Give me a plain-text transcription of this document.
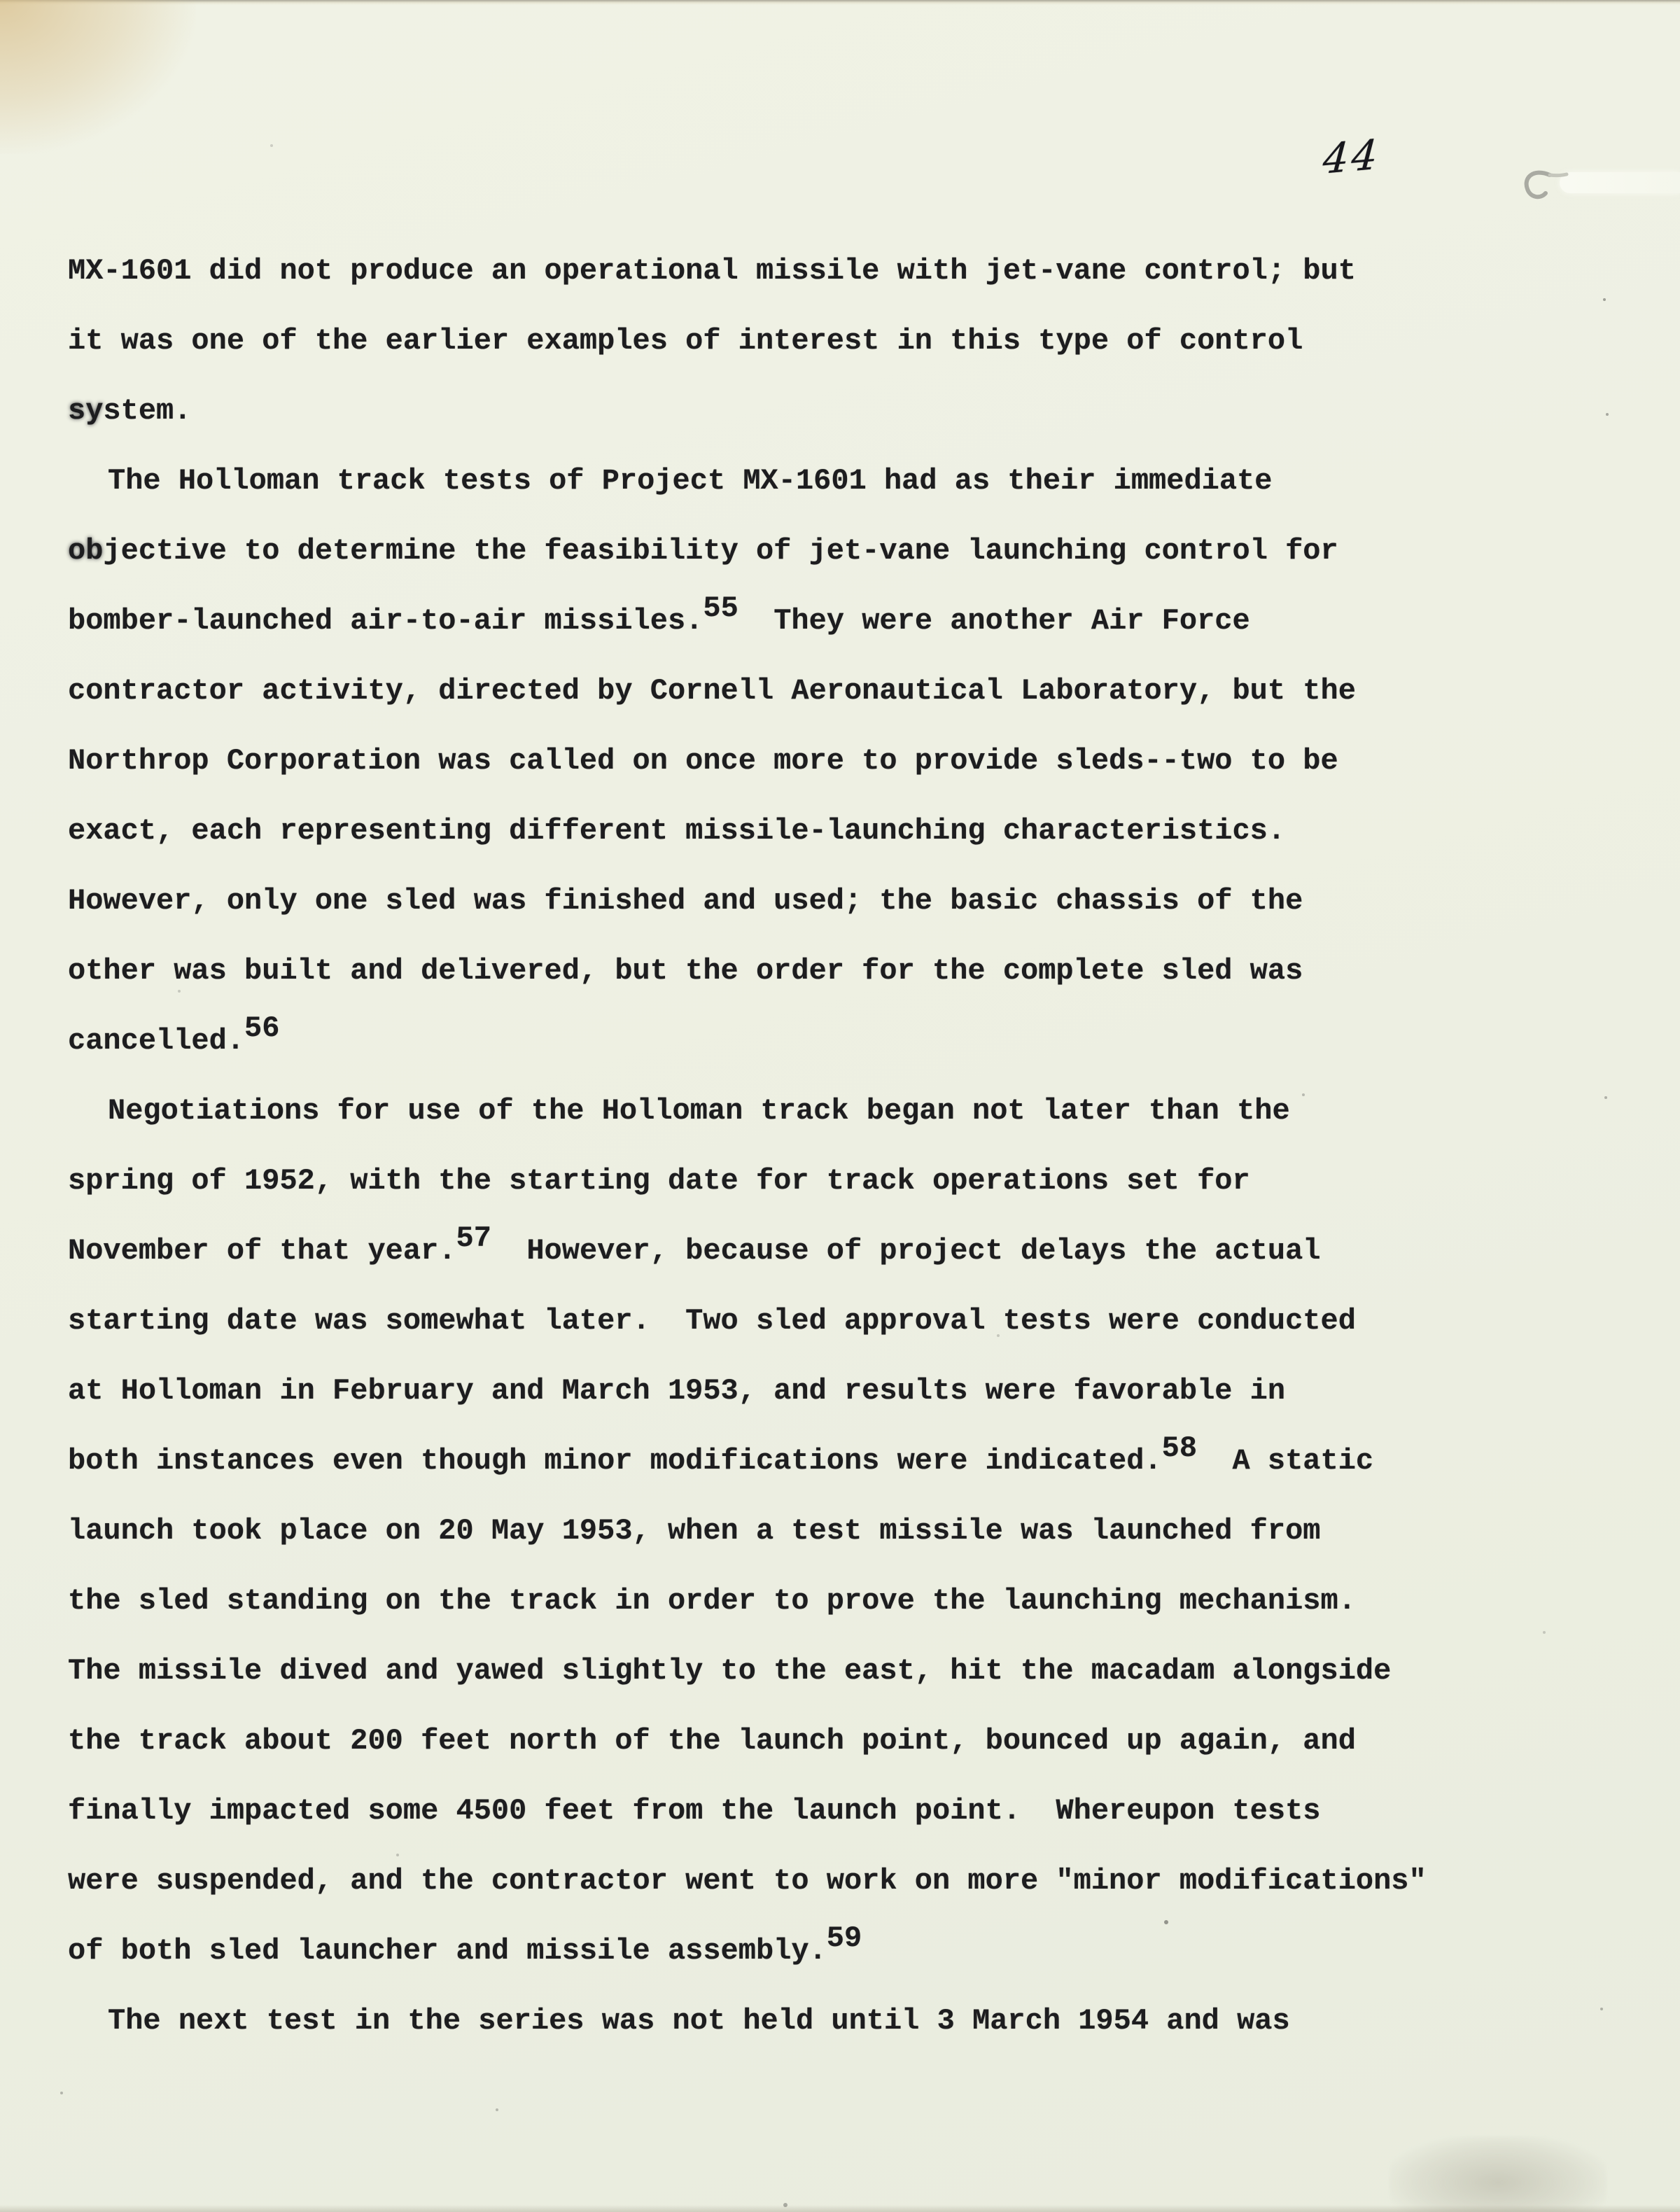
44
MX-1601 did not produce an operational missile with jet-vane control; but
it was one of the earlier examples of interest in this type of control
system.
The Holloman track tests of Project MX-1601 had as their immediate
objective to determine the feasibility of jet-vane launching control for
bomber-launched air-to-air missiles.55  They were another Air Force
contractor activity, directed by Cornell Aeronautical Laboratory, but the
Northrop Corporation was called on once more to provide sleds--two to be
exact, each representing different missile-launching characteristics.
However, only one sled was finished and used; the basic chassis of the
other was built and delivered, but the order for the complete sled was
cancelled.56
Negotiations for use of the Holloman track began not later than the
spring of 1952, with the starting date for track operations set for
November of that year.57  However, because of project delays the actual
starting date was somewhat later.  Two sled approval tests were conducted
at Holloman in February and March 1953, and results were favorable in
both instances even though minor modifications were indicated.58  A static
launch took place on 20 May 1953, when a test missile was launched from
the sled standing on the track in order to prove the launching mechanism.
The missile dived and yawed slightly to the east, hit the macadam alongside
the track about 200 feet north of the launch point, bounced up again, and
finally impacted some 4500 feet from the launch point.  Whereupon tests
were suspended, and the contractor went to work on more "minor modifications"
of both sled launcher and missile assembly.59
The next test in the series was not held until 3 March 1954 and was
